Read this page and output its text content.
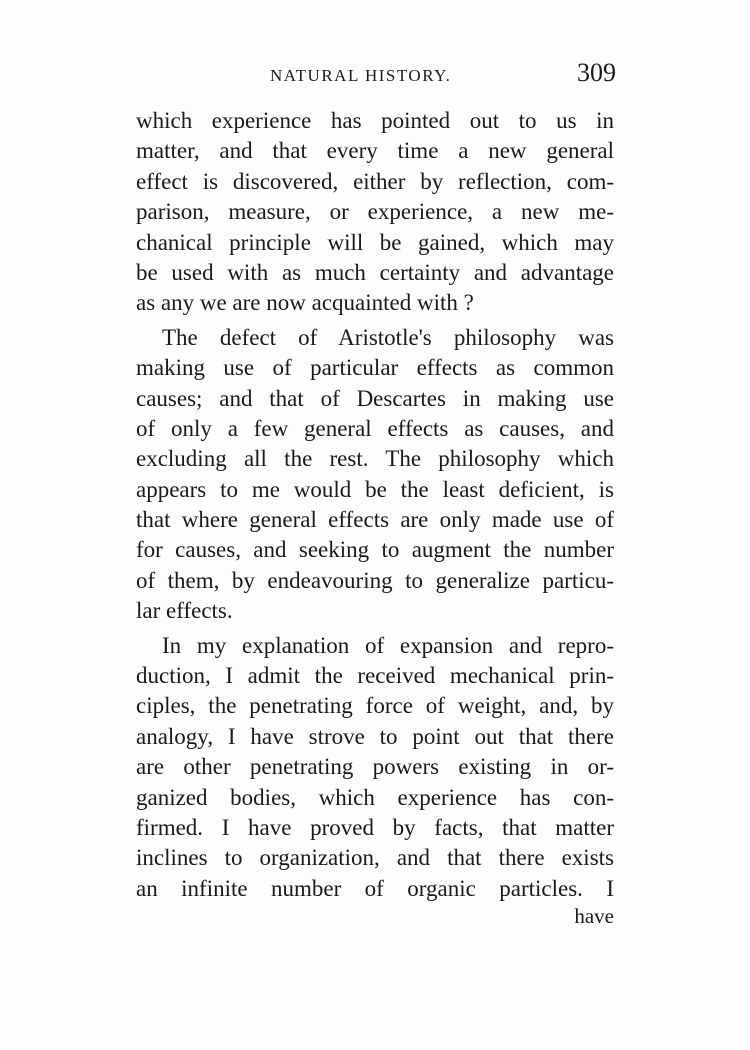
NATURAL HISTORY.	309
which experience has pointed out to us in
matter, and that every time a new general
effect is discovered, either by reflection, com-
parison, measure, or experience, a new me-
chanical principle will be gained, which may
be used with as much certainty and advantage
as any we are now acquainted with ?
The defect of Aristotle's philosophy was
making use of particular effects as common
causes; and that of Descartes in making use
of only a few general effects as causes, and
excluding all the rest. The philosophy which
appears to me would be the least deficient, is
that where general effects are only made use of
for causes, and seeking to augment the number
of them, by endeavouring to generalize particu-
lar effects.
In my explanation of expansion and repro-
duction, I admit the received mechanical prin-
ciples, the penetrating force of weight, and, by
analogy, I have strove to point out that there
are other penetrating powers existing in or-
ganized bodies, which experience has con-
firmed. I have proved by facts, that matter
inclines to organization, and that there exists
an infinite number of organic particles. I
have
